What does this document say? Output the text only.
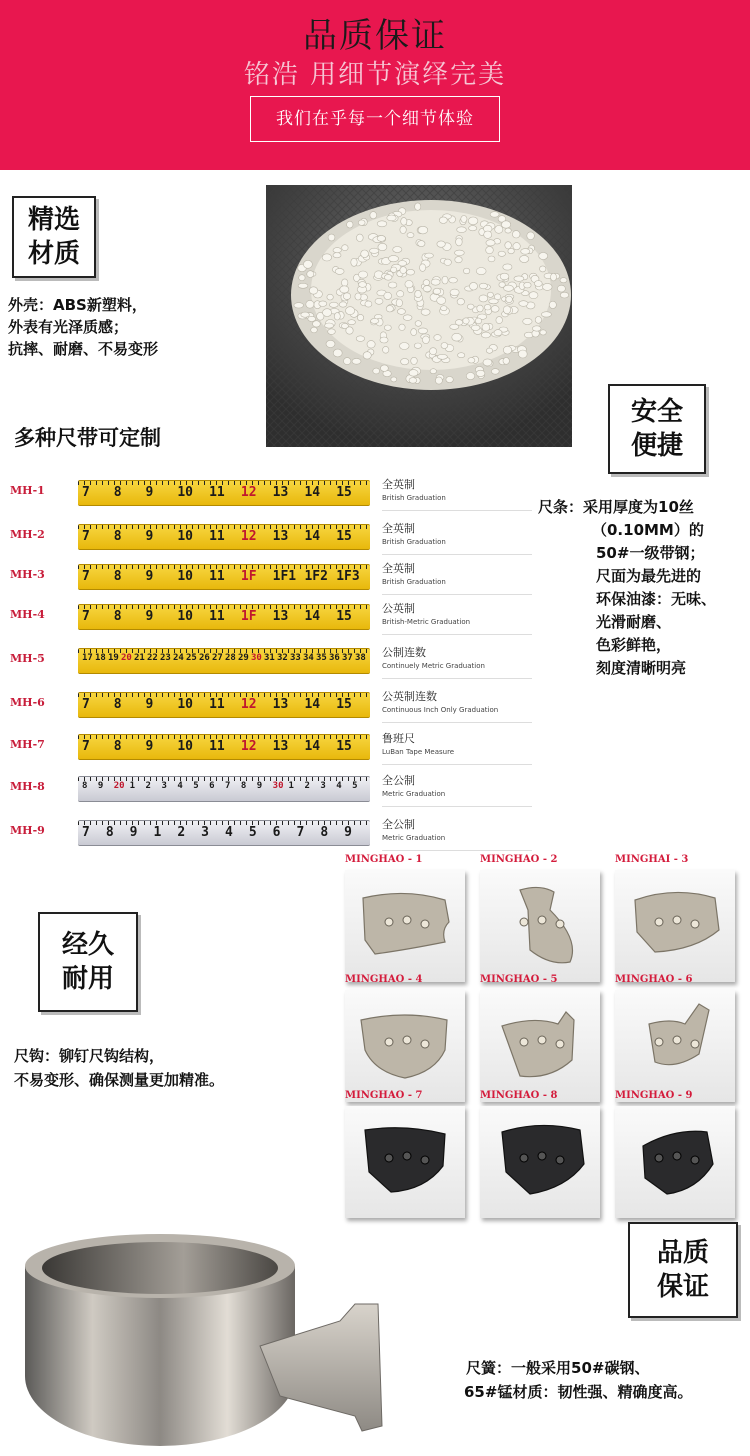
品质保证
铭浩 用细节演绎完美
我们在乎每一个细节体验
精选
材质
外壳：ABS新塑料，
外表有光泽质感；
抗摔、耐磨、不易变形
安全
便捷
尺条：采用厚度为10丝
（0.10MM）的
50#一级带钢；
尺面为最先进的
环保油漆：无味、
光滑耐磨、
色彩鲜艳，
刻度清晰明亮
多种尺带可定制
MH-1	7 8 9 10 11 12 13 14 15
全英制
British Graduation
MH-2	7 8 9 10 11 12 13 14 15
全英制
British Graduation
MH-3	7 8 9 10 11 1F 1F1 1F2 1F3
全英制
British Graduation
MH-4	7 8 9 10 11 1F 13 14 15
公英制
British-Metric Graduation
MH-5	17 18 19 20 21 22 23 24 25 26 27 28 29 30 31 32 33 34 35 36 37 38 公制连数
Continuely Metric Graduation
MH-6	7 8 9 10 11 12 13 14 15
公英制连数
Continuous Inch Only Graduation
MH-7	7 8 9 10 11 12 13 14 15
鲁班尺
LuBan Tape Measure
MH-8	8 9 20 1 2 3 4 5 6 7 8 9 30 1 2 3 4 5 全公制
Metric Graduation
MH-9	7 8 9 1 2 3 4 5 6 7 8 9
全公制
Metric Graduation
经久
耐用
尺钩：铆钉尺钩结构，
不易变形、确保测量更加精准。
MINGHAO - 1	MINGHAO - 2	MINGHAI - 3
MINGHAO - 4	MINGHAO - 5	MINGHAO - 6
MINGHAO - 7	MINGHAO - 8	MINGHAO - 9
品质
保证
尺簧：一般采用50#碳钢、
65#锰材质：韧性强、精确度高。
